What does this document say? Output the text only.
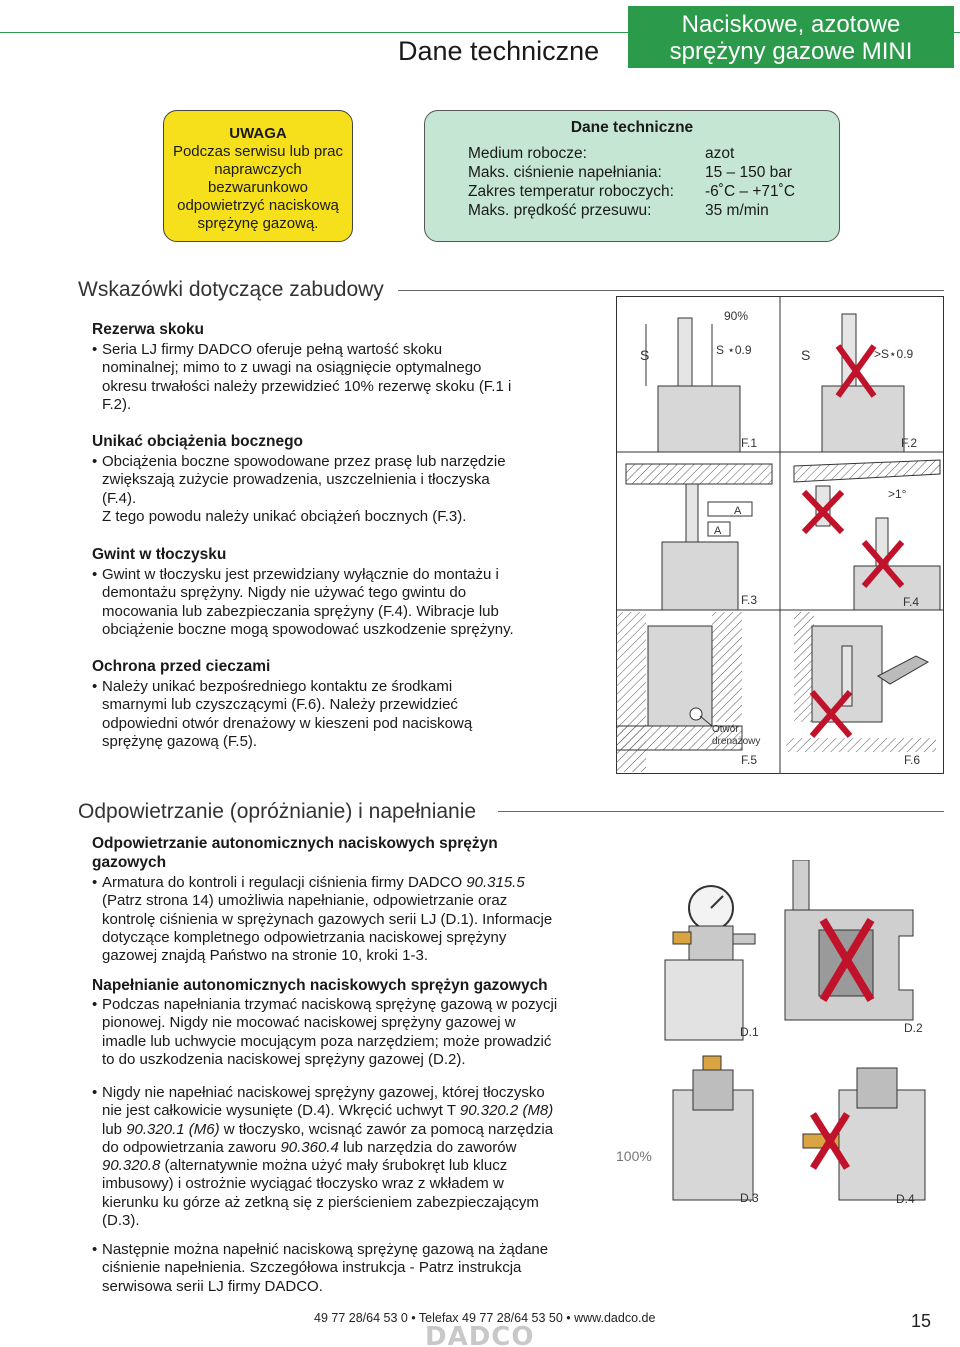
Dane techniczne
Naciskowe, azotowe
sprężyny gazowe MINI
UWAGA
Podczas serwisu lub prac
naprawczych
bezwarunkowo
odpowietrzyć naciskową
sprężynę gazową.
Dane techniczne
Medium robocze:	azot
Maks. ciśnienie napełniania:	15 – 150 bar
Zakres temperatur roboczych: -6˚C – +71˚C
Maks. prędkość przesuwu:	35 m/min
Wskazówki dotyczące zabudowy
Rezerwa skoku
• Seria LJ firmy DADCO oferuje pełną wartość skoku
nominalnej; mimo to z uwagi na osiągnięcie optymalnego
okresu trwałości należy przewidzieć 10% rezerwę skoku (F.1 i
F.2).
Unikać obciążenia bocznego
• Obciążenia boczne spowodowane przez prasę lub narzędzie
zwiększają zużycie prowadzenia, uszczelnienia i tłoczyska
(F.4).
Z tego powodu należy unikać obciążeń bocznych (F.3).
Gwint w tłoczysku
• Gwint w tłoczysku jest przewidziany wyłącznie do montażu i
demontażu sprężyny. Nigdy nie używać tego gwintu do
mocowania lub zabezpieczania sprężyny (F.4). Wibracje lub
obciążenie boczne mogą spowodować uszkodzenie sprężyny.
Ochrona przed cieczami
• Należy unikać bezpośredniego kontaktu ze środkami
smarnymi lub czyszczącymi (F.6). Należy przewidzieć
odpowiedni otwór drenażowy w kieszeni pod naciskową
sprężynę gazową (F.5).
S
90%
S ⋆0.9
F.1
S	>S⋆0.9
F.2
A
A
F.3
>1°
F.4
Otwór
drenażowy
F.5	F.6
Odpowietrzanie (opróżnianie) i napełnianie
Odpowietrzanie autonomicznych naciskowych sprężyn
gazowych
• Armatura do kontroli i regulacji ciśnienia firmy DADCO 90.315.5
(Patrz strona 14) umożliwia napełnianie, odpowietrzanie oraz
kontrolę ciśnienia w sprężynach gazowych serii LJ (D.1). Informacje
dotyczące kompletnego odpowietrzania naciskowej sprężyny
gazowej znajdą Państwo na stronie 10, kroki 1-3.
Napełnianie autonomicznych naciskowych sprężyn gazowych
• Podczas napełniania trzymać naciskową sprężynę gazową w pozycji
pionowej. Nigdy nie mocować naciskowej sprężyny gazowej w
imadle lub uchwycie mocującym poza narzędziem; może prowadzić
to do uszkodzenia naciskowej sprężyny gazowej (D.2).
• Nigdy nie napełniać naciskowej sprężyny gazowej, której tłoczysko
nie jest całkowicie wysunięte (D.4). Wkręcić uchwyt T 90.320.2 (M8)
lub 90.320.1 (M6) w tłoczysko, wcisnąć zawór za pomocą narzędzia
do odpowietrzania zaworu 90.360.4 lub narzędzia do zaworów
90.320.8 (alternatywnie można użyć mały śrubokręt lub klucz
imbusowy) i ostrożnie wyciągać tłoczysko wraz z wkładem w
kierunku ku górze aż zetkną się z pierścieniem zabezpieczającym
(D.3).
• Następnie można napełnić naciskową sprężynę gazową na żądane
ciśnienie napełnienia. Szczegółowa instrukcja - Patrz instrukcja
serwisowa serii LJ firmy DADCO.
D.1	D.2
100%
D.3	D.4
49 77 28/64 53 0 • Telefax 49 77 28/64 53 50 • www.dadco.de
DADCO
15
